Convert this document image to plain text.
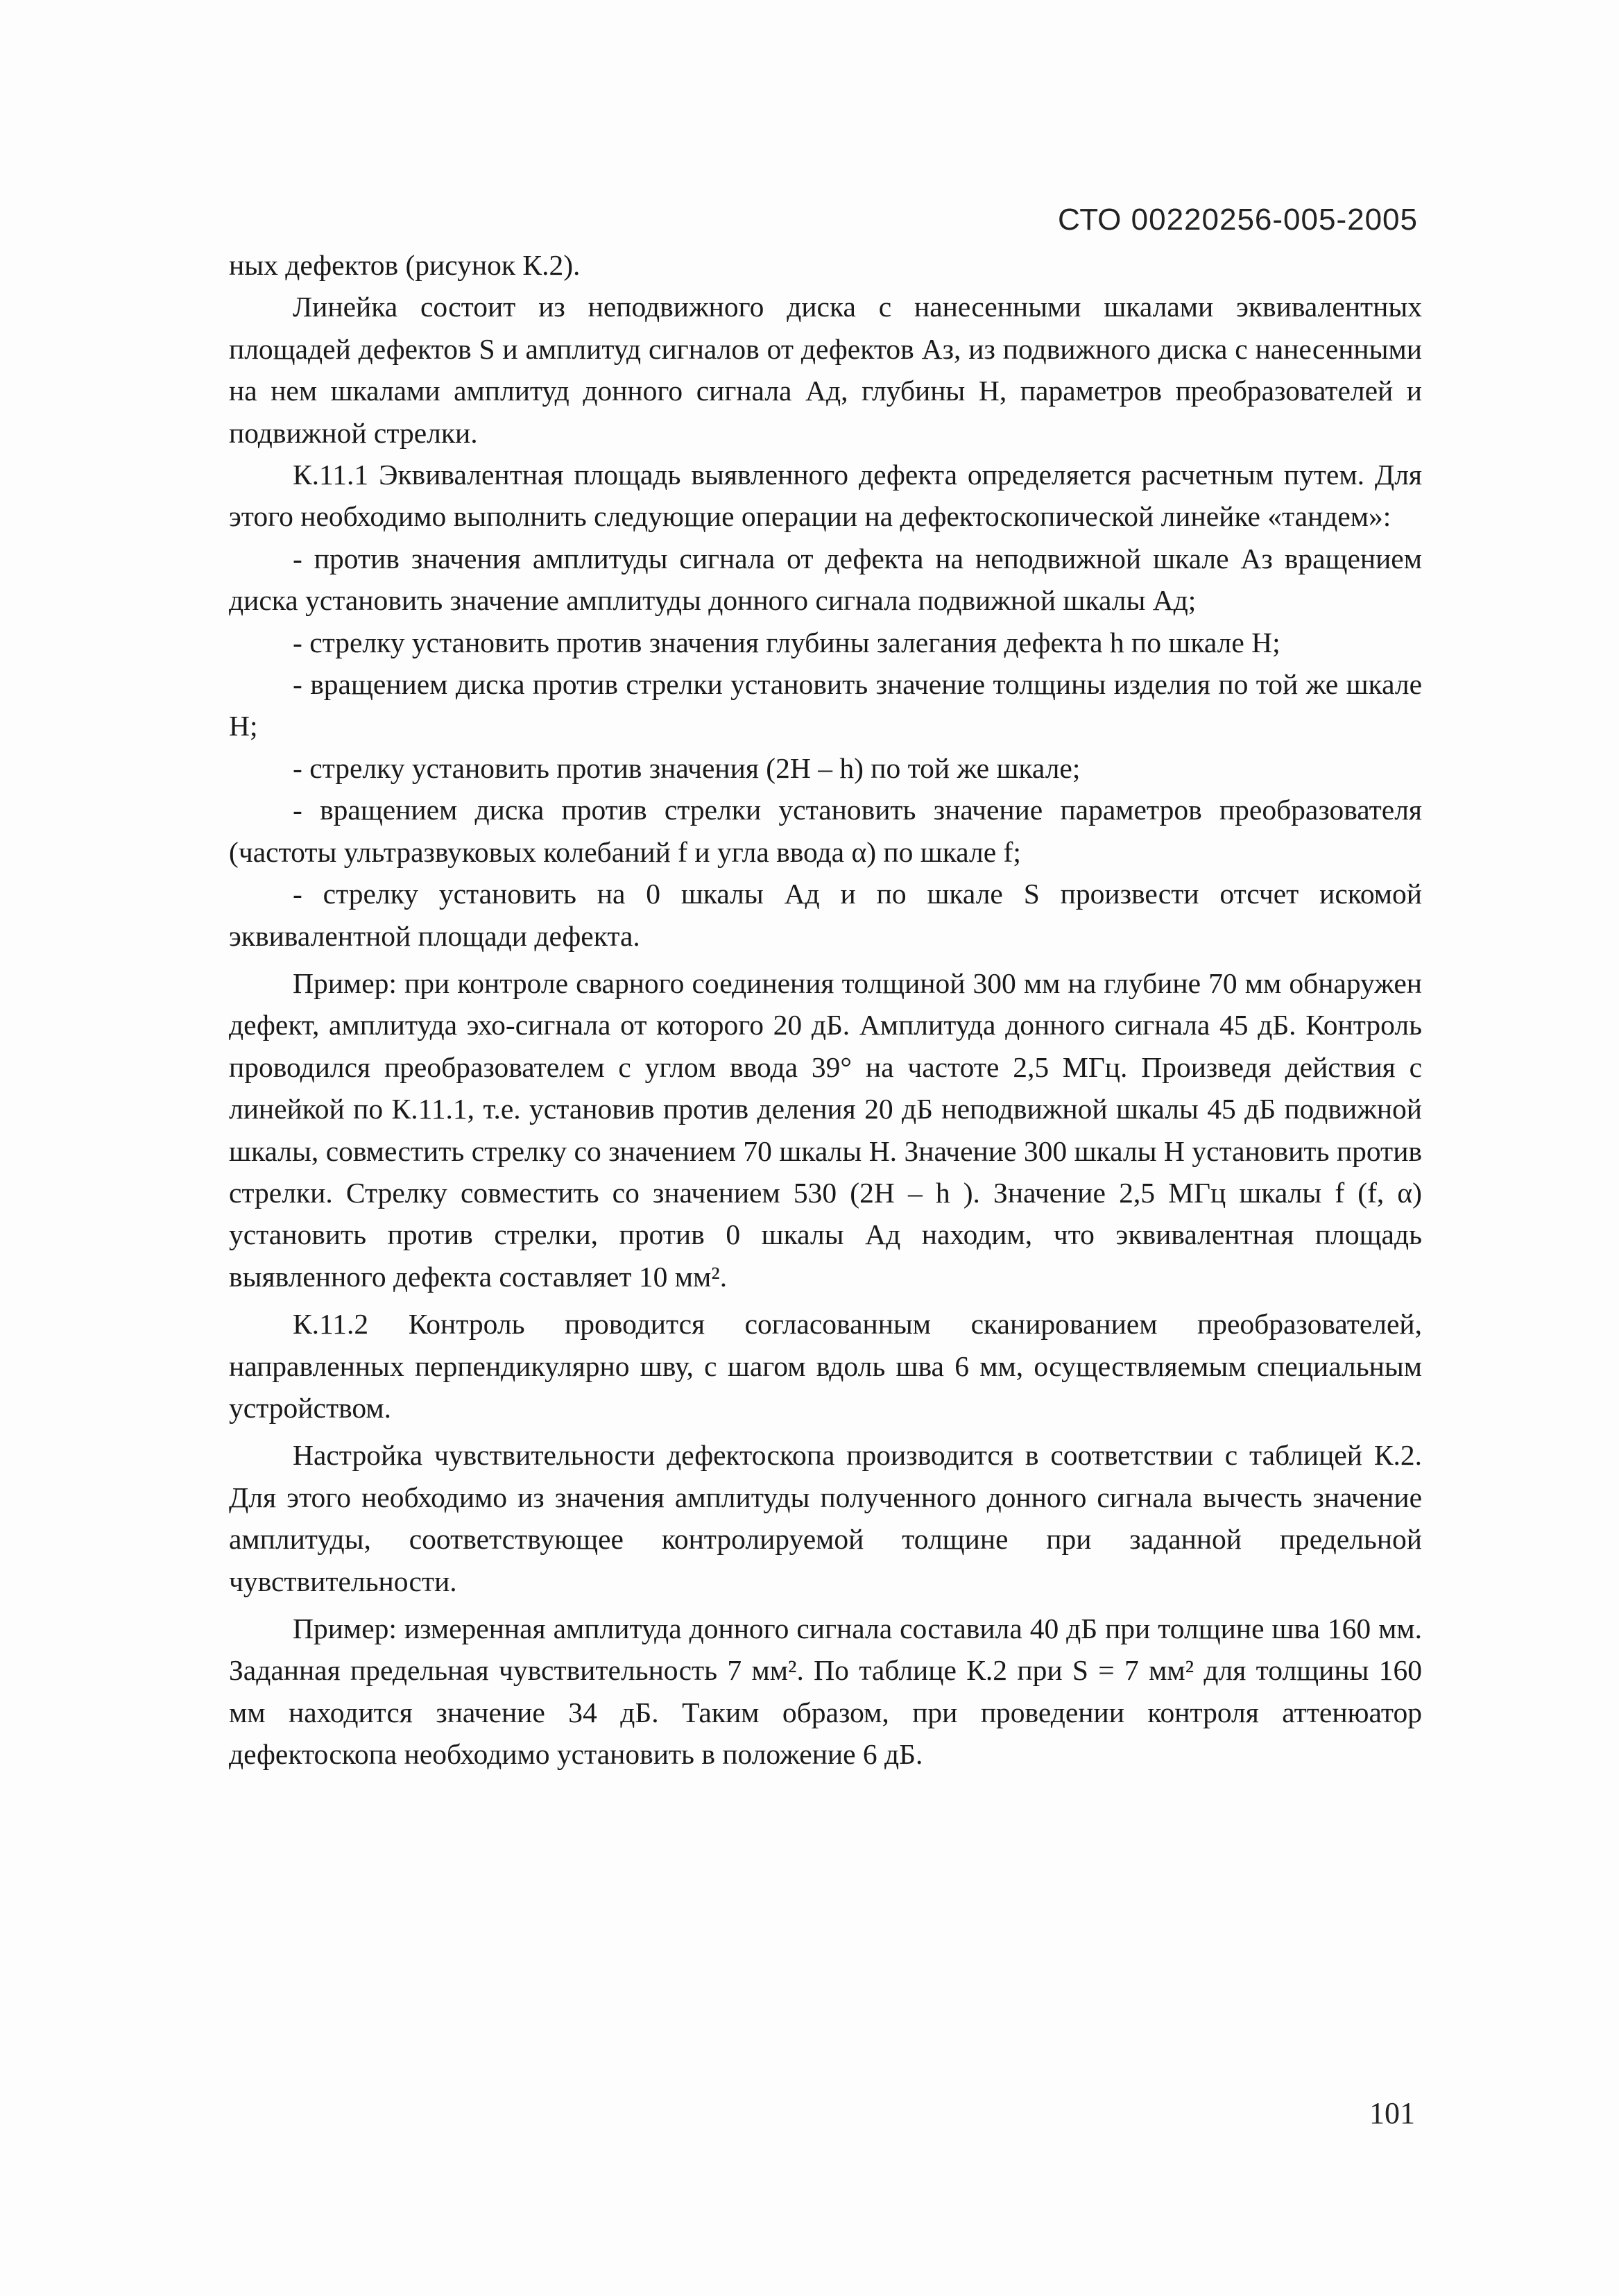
СТО 00220256-005-2005

ных дефектов (рисунок К.2).

Линейка состоит из неподвижного диска с нанесенными шкалами эквивалентных площадей дефектов S и амплитуд сигналов от дефектов Aз, из подвижного диска с нанесенными на нем шкалами амплитуд донного сигнала Aд, глубины H, параметров преобразователей и подвижной стрелки.

К.11.1 Эквивалентная площадь выявленного дефекта определяется расчетным путем. Для этого необходимо выполнить следующие операции на дефектоскопической линейке «тандем»:

- против значения амплитуды сигнала от дефекта на неподвижной шкале Aз вращением диска установить значение амплитуды донного сигнала подвижной шкалы Aд;

- стрелку установить против значения глубины залегания дефекта h по шкале H;

- вращением диска против стрелки установить значение толщины изделия по той же шкале H;

- стрелку установить против значения (2H – h) по той же шкале;

- вращением диска против стрелки установить значение параметров преобразователя (частоты ультразвуковых колебаний f и угла ввода α) по шкале f;

- стрелку установить на 0 шкалы Aд и по шкале S произвести отсчет искомой эквивалентной площади дефекта.

Пример: при контроле сварного соединения толщиной 300 мм на глубине 70 мм обнаружен дефект, амплитуда эхо-сигнала от которого 20 дБ. Амплитуда донного сигнала 45 дБ. Контроль проводился преобразователем с углом ввода 39° на частоте 2,5 МГц. Произведя действия с линейкой по К.11.1, т.е. установив против деления 20 дБ неподвижной шкалы 45 дБ подвижной шкалы, совместить стрелку со значением 70 шкалы H. Значение 300 шкалы H установить против стрелки. Стрелку совместить со значением 530 (2H – h ). Значение 2,5 МГц шкалы f (f, α) установить против стрелки, против 0 шкалы Aд находим, что эквивалентная площадь выявленного дефекта составляет 10 мм².

К.11.2 Контроль проводится согласованным сканированием преобразователей, направленных перпендикулярно шву, с шагом вдоль шва 6 мм, осуществляемым специальным устройством.

Настройка чувствительности дефектоскопа производится в соответствии с таблицей К.2. Для этого необходимо из значения амплитуды полученного донного сигнала вычесть значение амплитуды, соответствующее контролируемой толщине при заданной предельной чувствительности.

Пример: измеренная амплитуда донного сигнала составила 40 дБ при толщине шва 160 мм. Заданная предельная чувствительность 7 мм². По таблице К.2 при S = 7 мм² для толщины 160 мм находится значение 34 дБ. Таким образом, при проведении контроля аттенюатор дефектоскопа необходимо установить в положение 6 дБ.

101
